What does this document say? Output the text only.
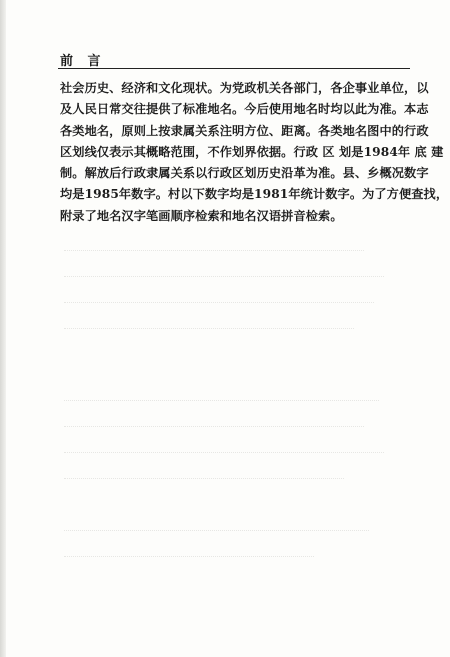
前 言
社会历史、经济和文化现状。为党政机关各部门，各企事业单位，以
及人民日常交往提供了标准地名。今后使用地名时均以此为准。本志
各类地名，原则上按隶属关系注明方位、距离。各类地名图中的行政
区划线仅表示其概略范围，不作划界依据。行政 区 划是1984年 底 建
制。解放后行政隶属关系以行政区划历史沿革为准。县、乡概况数字
均是1985年数字。村以下数字均是1981年统计数字。为了方便查找，
附录了地名汉字笔画顺序检索和地名汉语拼音检索。
